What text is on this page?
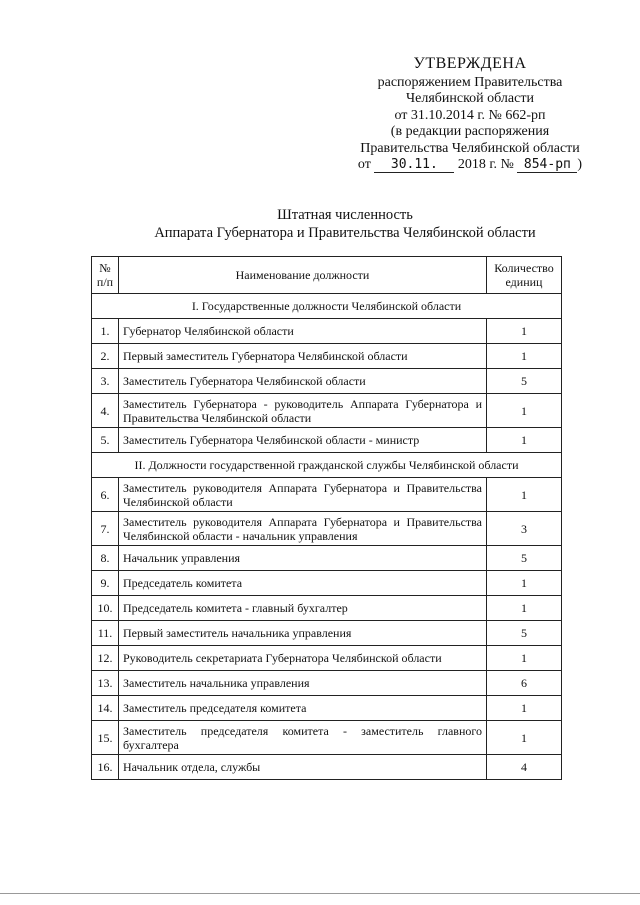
УТВЕРЖДЕНА
распоряжением Правительства
Челябинской области
от 31.10.2014 г. № 662-рп
(в редакции распоряжения
Правительства Челябинской области
от 30.11. 2018 г. № 854-рп )
Штатная численность
Аппарата Губернатора и Правительства Челябинской области
№ п/п	Наименование должности	Количество единиц
I. Государственные должности Челябинской области		
1.	Губернатор Челябинской области	1
2.	Первый заместитель Губернатора Челябинской области	1
3.	Заместитель Губернатора Челябинской области	5
4.	Заместитель Губернатора - руководитель Аппарата Губернатора и Правительства Челябинской области	1
5.	Заместитель Губернатора Челябинской области - министр	1
II. Должности государственной гражданской службы Челябинской области		
6.	Заместитель руководителя Аппарата Губернатора и Правительства Челябинской области	1
7.	Заместитель руководителя Аппарата Губернатора и Правительства Челябинской области - начальник управления	3
8.	Начальник управления	5
9.	Председатель комитета	1
10.	Председатель комитета - главный бухгалтер	1
11.	Первый заместитель начальника управления	5
12.	Руководитель секретариата Губернатора Челябинской области	1
13.	Заместитель начальника управления	6
14.	Заместитель председателя комитета	1
15.	Заместитель председателя комитета - заместитель главного бухгалтера	1
16.	Начальник отдела, службы	4
